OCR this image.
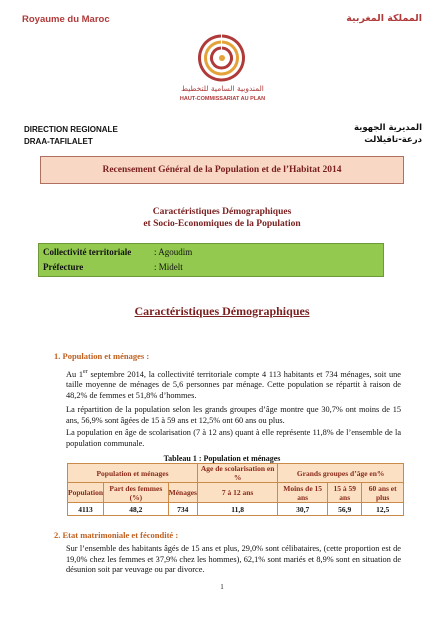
Royaume du Maroc	المملكة المغربية
المندوبية السامية للتخطيط
HAUT-COMMISSARIAT AU PLAN
DIRECTION REGIONALE
DRAA-TAFILALET
المديرية الجهوية
درعة-تافيلالت
Recensement Général de la Population et de l’Habitat 2014
Caractéristiques Démographiques
et Socio-Economiques de la Population
Collectivité territoriale	: Agoudim
Préfecture	: Midelt
Caractéristiques Démographiques
1. Population et ménages :
Au 1er septembre 2014, la collectivité territoriale compte 4 113 habitants et 734 ménages, soit une taille moyenne de ménages de 5,6 personnes par ménage. Cette population se répartit à raison de 48,2% de femmes et 51,8% d’hommes.
La répartition de la population selon les grands groupes d’âge montre que 30,7% ont moins de 15 ans, 56,9% sont âgées de 15 à 59 ans et 12,5% ont 60 ans ou plus.
La population en âge de scolarisation (7 à 12 ans) quant à elle représente 11,8% de l’ensemble de la population communale.
Tableau 1 : Population et ménages
Population et ménages			Age de scolarisation en %	Grands groupes d’âge en%		
Population	Part des femmes (%)	Ménages	7 à 12 ans	Moins de 15 ans	15 à 59 ans	60 ans et plus
4113	48,2	734	11,8	30,7	56,9	12,5
2. Etat matrimoniale et fécondité :
Sur l’ensemble des habitants âgés de 15 ans et plus, 29,0% sont célibataires, (cette proportion est de 19,0% chez les femmes et 37,9% chez les hommes), 62,1% sont mariés et 8,9% sont en situation de désunion soit par veuvage ou par divorce.
1
